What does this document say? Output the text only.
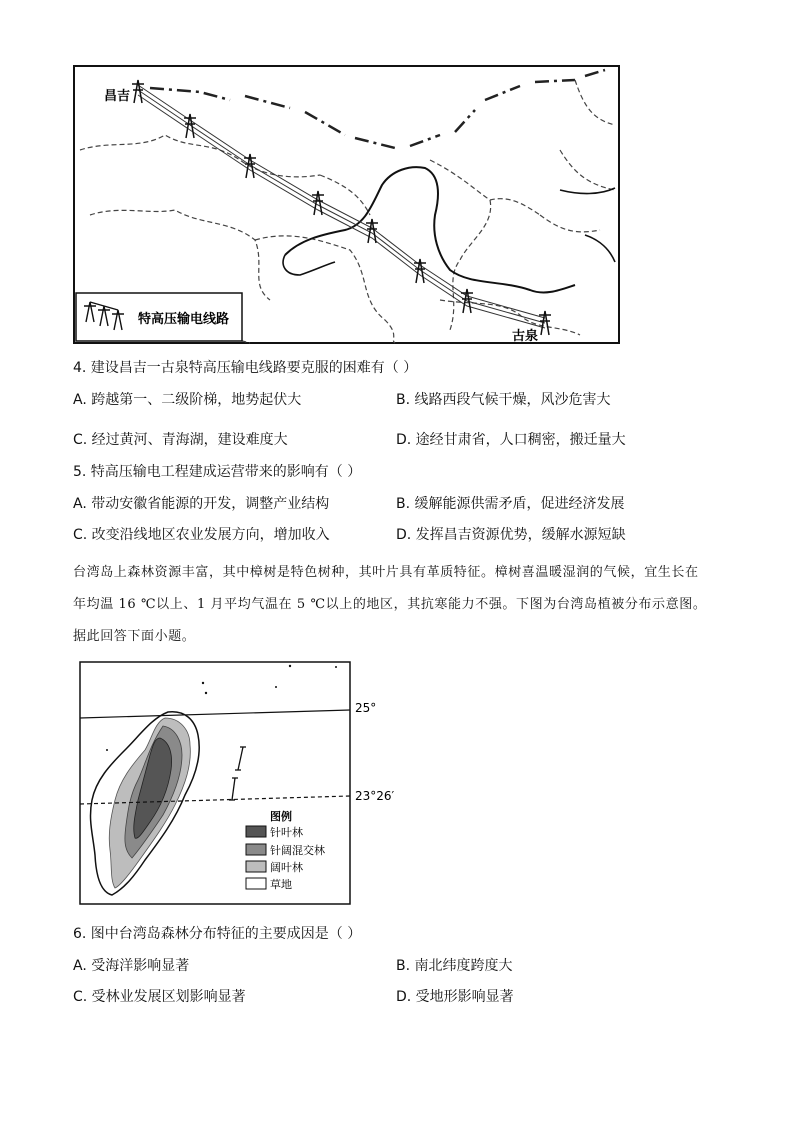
昌吉
古泉
特高压输电线路
4. 建设昌吉一古泉特高压输电线路要克服的困难有（ ）
A. 跨越第一、二级阶梯，地势起伏大	B. 线路西段气候干燥，风沙危害大
C. 经过黄河、青海湖，建设难度大	D. 途经甘肃省，人口稠密，搬迁量大
5. 特高压输电工程建成运营带来的影响有（ ）
A. 带动安徽省能源的开发，调整产业结构	B. 缓解能源供需矛盾，促进经济发展
C. 改变沿线地区农业发展方向，增加收入	D. 发挥昌吉资源优势，缓解水源短缺
台湾岛上森林资源丰富，其中樟树是特色树种，其叶片具有革质特征。樟树喜温暖湿润的气候，宜生长在
年均温 16 ℃以上、1 月平均气温在 5 ℃以上的地区，其抗寒能力不强。下图为台湾岛植被分布示意图。
据此回答下面小题。
25°
23°26′
图例
针叶林
针阔混交林
阔叶林
草地
6. 图中台湾岛森林分布特征的主要成因是（ ）
A. 受海洋影响显著	B. 南北纬度跨度大
C. 受林业发展区划影响显著	D. 受地形影响显著
